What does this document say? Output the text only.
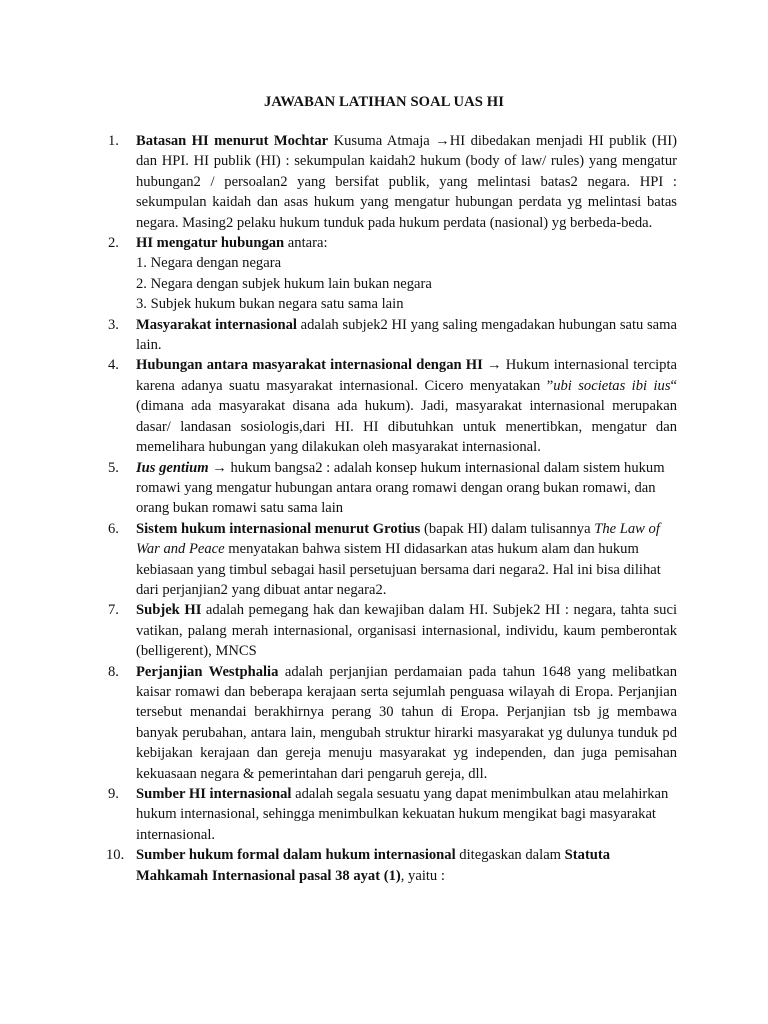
JAWABAN LATIHAN SOAL UAS HI
1.	Batasan HI menurut Mochtar Kusuma Atmaja →HI dibedakan menjadi HI publik (HI) dan HPI. HI publik (HI) : sekumpulan kaidah2 hukum (body of law/ rules) yang mengatur hubungan2 / persoalan2 yang bersifat publik, yang melintasi batas2 negara. HPI : sekumpulan kaidah dan asas hukum yang mengatur hubungan perdata yg melintasi batas negara. Masing2 pelaku hukum tunduk pada hukum perdata (nasional) yg berbeda-beda.
2.	HI mengatur hubungan antara:
1. Negara dengan negara
2. Negara dengan subjek hukum lain bukan negara
3. Subjek hukum bukan negara satu sama lain
3.	Masyarakat internasional adalah subjek2 HI yang saling mengadakan hubungan satu sama lain.
4.	Hubungan antara masyarakat internasional dengan HI → Hukum internasional tercipta karena adanya suatu masyarakat internasional. Cicero menyatakan ”ubi societas ibi ius“ (dimana ada masyarakat disana ada hukum). Jadi, masyarakat internasional merupakan dasar/ landasan sosiologis,dari HI. HI dibutuhkan untuk menertibkan, mengatur dan memelihara hubungan yang dilakukan oleh masyarakat internasional.
5.	Ius gentium → hukum bangsa2 : adalah konsep hukum internasional dalam sistem hukum romawi yang mengatur hubungan antara orang romawi dengan orang bukan romawi, dan orang bukan romawi satu sama lain
6.	Sistem hukum internasional menurut Grotius (bapak HI) dalam tulisannya The Law of War and Peace menyatakan bahwa sistem HI didasarkan atas hukum alam dan hukum kebiasaan yang timbul sebagai hasil persetujuan bersama dari negara2. Hal ini bisa dilihat dari perjanjian2 yang dibuat antar negara2.
7.	Subjek HI adalah pemegang hak dan kewajiban dalam HI. Subjek2 HI : negara, tahta suci vatikan, palang merah internasional, organisasi internasional, individu, kaum pemberontak (belligerent), MNCS
8.	Perjanjian Westphalia adalah perjanjian perdamaian pada tahun 1648 yang melibatkan kaisar romawi dan beberapa kerajaan serta sejumlah penguasa wilayah di Eropa. Perjanjian tersebut menandai berakhirnya perang 30 tahun di Eropa. Perjanjian tsb jg membawa banyak perubahan, antara lain, mengubah struktur hirarki masyarakat yg dulunya tunduk pd kebijakan kerajaan dan gereja menuju masyarakat yg independen, dan juga pemisahan kekuasaan negara & pemerintahan dari pengaruh gereja, dll.
9.	Sumber HI internasional adalah segala sesuatu yang dapat menimbulkan atau melahirkan hukum internasional, sehingga menimbulkan kekuatan hukum mengikat bagi masyarakat internasional.
10. Sumber hukum formal dalam hukum internasional ditegaskan dalam Statuta Mahkamah Internasional pasal 38 ayat (1), yaitu :
